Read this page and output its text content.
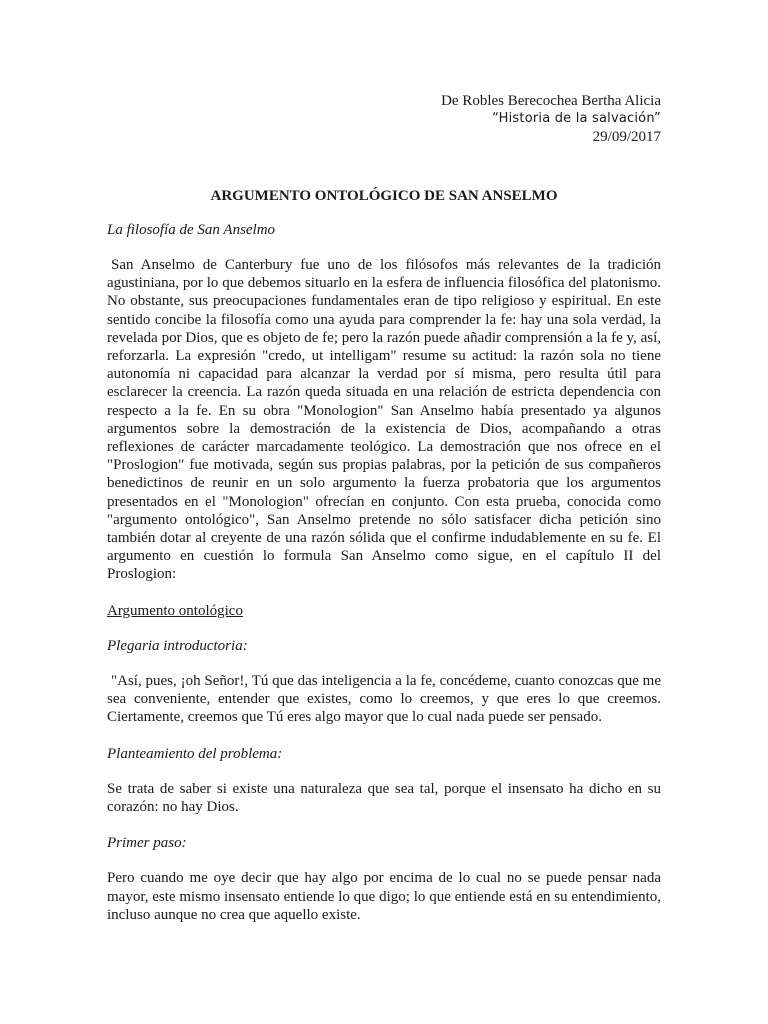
De Robles Berecochea Bertha Alicia
“Historia de la salvación”
29/09/2017
ARGUMENTO ONTOLÓGICO DE SAN ANSELMO
La filosofía de San Anselmo

San Anselmo de Canterbury fue uno de los filósofos más relevantes de la tradición agustiniana, por lo que debemos situarlo en la esfera de influencia filosófica del platonismo. No obstante, sus preocupaciones fundamentales eran de tipo religioso y espiritual. En este sentido concibe la filosofía como una ayuda para comprender la fe: hay una sola verdad, la revelada por Dios, que es objeto de fe; pero la razón puede añadir comprensión a la fe y, así, reforzarla. La expresión "credo, ut intelligam" resume su actitud: la razón sola no tiene autonomía ni capacidad para alcanzar la verdad por sí misma, pero resulta útil para esclarecer la creencia. La razón queda situada en una relación de estricta dependencia con respecto a la fe. En su obra "Monologion" San Anselmo había presentado ya algunos argumentos sobre la demostración de la existencia de Dios, acompañando a otras reflexiones de carácter marcadamente teológico. La demostración que nos ofrece en el "Proslogion" fue motivada, según sus propias palabras, por la petición de sus compañeros benedictinos de reunir en un solo argumento la fuerza probatoria que los argumentos presentados en el "Monologion" ofrecían en conjunto. Con esta prueba, conocida como "argumento ontológico", San Anselmo pretende no sólo satisfacer dicha petición sino también dotar al creyente de una razón sólida que el confirme indudablemente en su fe. El argumento en cuestión lo formula San Anselmo como sigue, en el capítulo II del Proslogion:

Argumento ontológico
Plegaria introductoria:

"Así, pues, ¡oh Señor!, Tú que das inteligencia a la fe, concédeme, cuanto conozcas que me sea conveniente, entender que existes, como lo creemos, y que eres lo que creemos. Ciertamente, creemos que Tú eres algo mayor que lo cual nada puede ser pensado.

Planteamiento del problema:

Se trata de saber si existe una naturaleza que sea tal, porque el insensato ha dicho en su corazón: no hay Dios.

Primer paso:

Pero cuando me oye decir que hay algo por encima de lo cual no se puede pensar nada mayor, este mismo insensato entiende lo que digo; lo que entiende está en su entendimiento, incluso aunque no crea que aquello existe.
